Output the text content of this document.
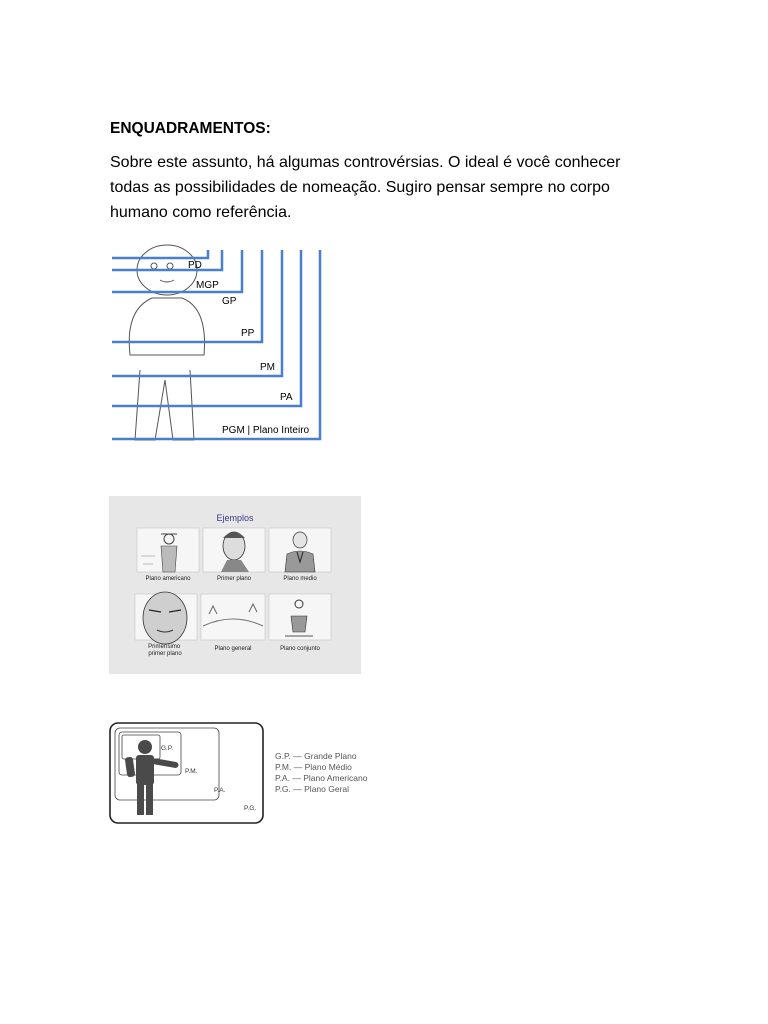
ENQUADRAMENTOS:
Sobre este assunto, há algumas controvérsias. O ideal é você conhecer
todas as possibilidades de nomeação. Sugiro pensar sempre no corpo
humano como referência.
PD
MGP
GP
PP
PM
PA
PGM | Plano Inteiro
Ejemplos
Plano americano	Primer plano	Plano medio
Primerísimo primer plano
Plano general	Plano conjunto
G.P.
P.M.
P.A.
P.G.
G.P. — Grande Plano
P.M. — Plano Médio
P.A. — Plano Americano
P.G. — Plano Geral
